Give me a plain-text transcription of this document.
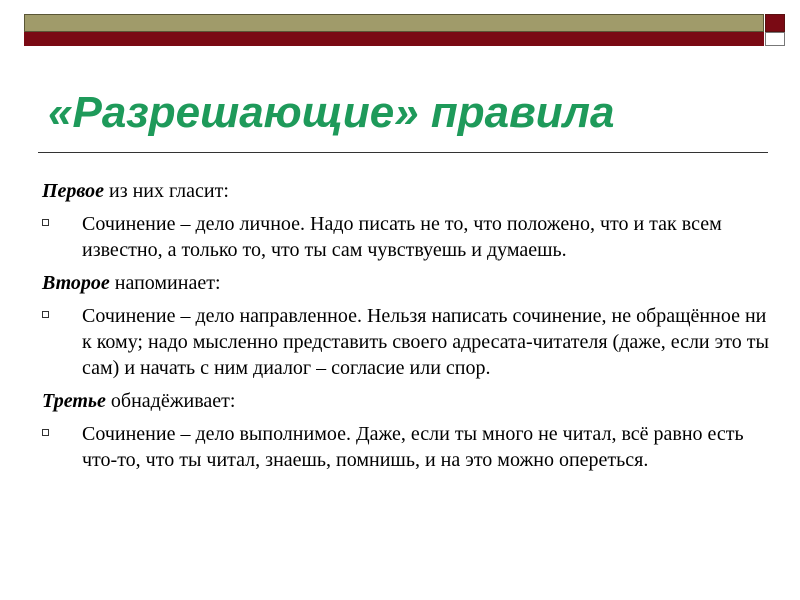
«Разрешающие» правила

Первое из них гласит:

Сочинение – дело личное. Надо писать не то, что положено, что и так всем известно, а только то, что ты сам чувствуешь и думаешь.

Второе напоминает:

Сочинение – дело направленное. Нельзя написать сочинение, не обращённое ни к кому; надо мысленно представить своего адресата-читателя (даже, если это ты сам) и начать с ним диалог – согласие или спор.

Третье обнадёживает:

Сочинение – дело выполнимое. Даже, если ты много не читал, всё равно есть что-то, что ты читал, знаешь, помнишь, и на это можно опереться.
